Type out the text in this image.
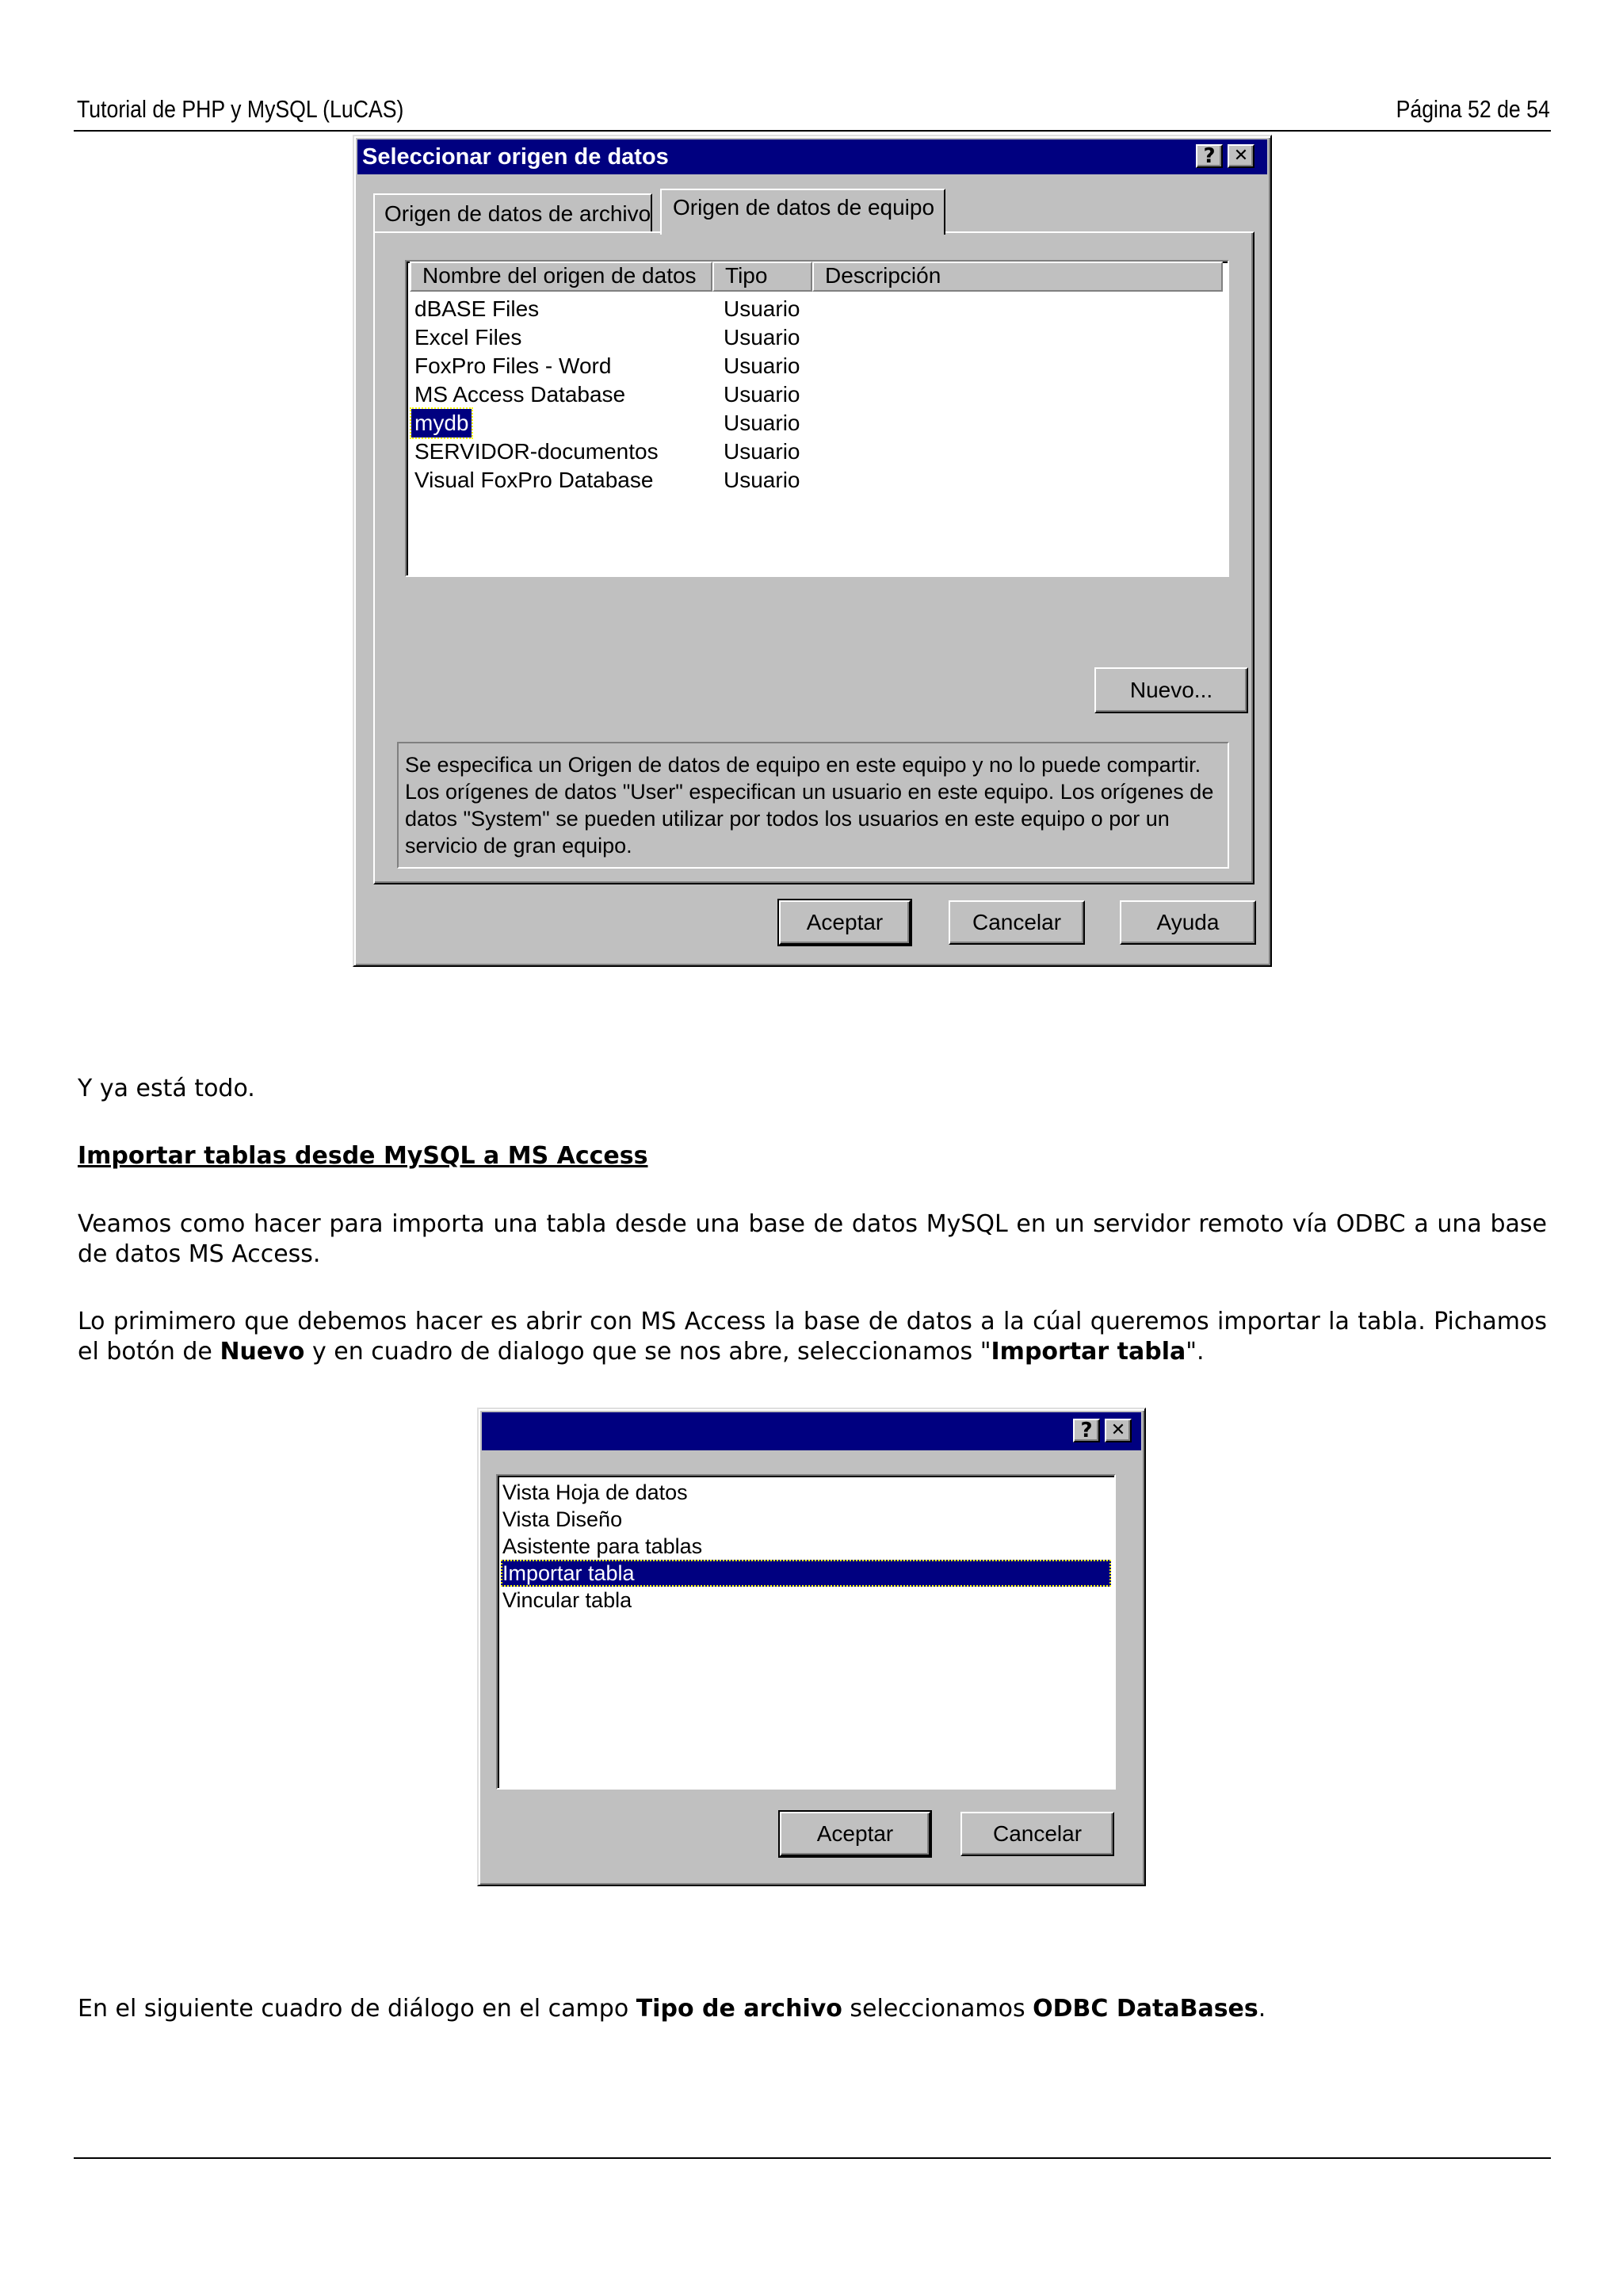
Tutorial de PHP y MySQL (LuCAS)	Página 52 de 54
Seleccionar origen de datos	?	✕
Origen de datos de archivo Origen de datos de equipo
Nombre del origen de datos	Tipo	Descripción
dBASE Files	Usuario
Excel Files	Usuario
FoxPro Files - Word	Usuario
MS Access Database	Usuario
mydb	Usuario
SERVIDOR-documentos	Usuario
Visual FoxPro Database	Usuario
Nuevo...
Se especifica un Origen de datos de equipo en este equipo y no lo puede compartir. Los orígenes de datos "User" especifican un usuario en este equipo. Los orígenes de datos "System" se pueden utilizar por todos los usuarios en este equipo o por un servicio de gran equipo.
Aceptar	Cancelar	Ayuda
Y ya está todo.
Importar tablas desde MySQL a MS Access
Veamos como hacer para importa una tabla desde una base de datos MySQL en un servidor remoto vía ODBC a una base de datos MS Access.
Lo primimero que debemos hacer es abrir con MS Access la base de datos a la cúal queremos importar la tabla. Pichamos el botón de Nuevo y en cuadro de dialogo que se nos abre, seleccionamos "Importar tabla".
?	✕
Vista Hoja de datos
Vista Diseño
Asistente para tablas
Importar tabla
Vincular tabla
Aceptar	Cancelar
En el siguiente cuadro de diálogo en el campo Tipo de archivo seleccionamos ODBC DataBases.
